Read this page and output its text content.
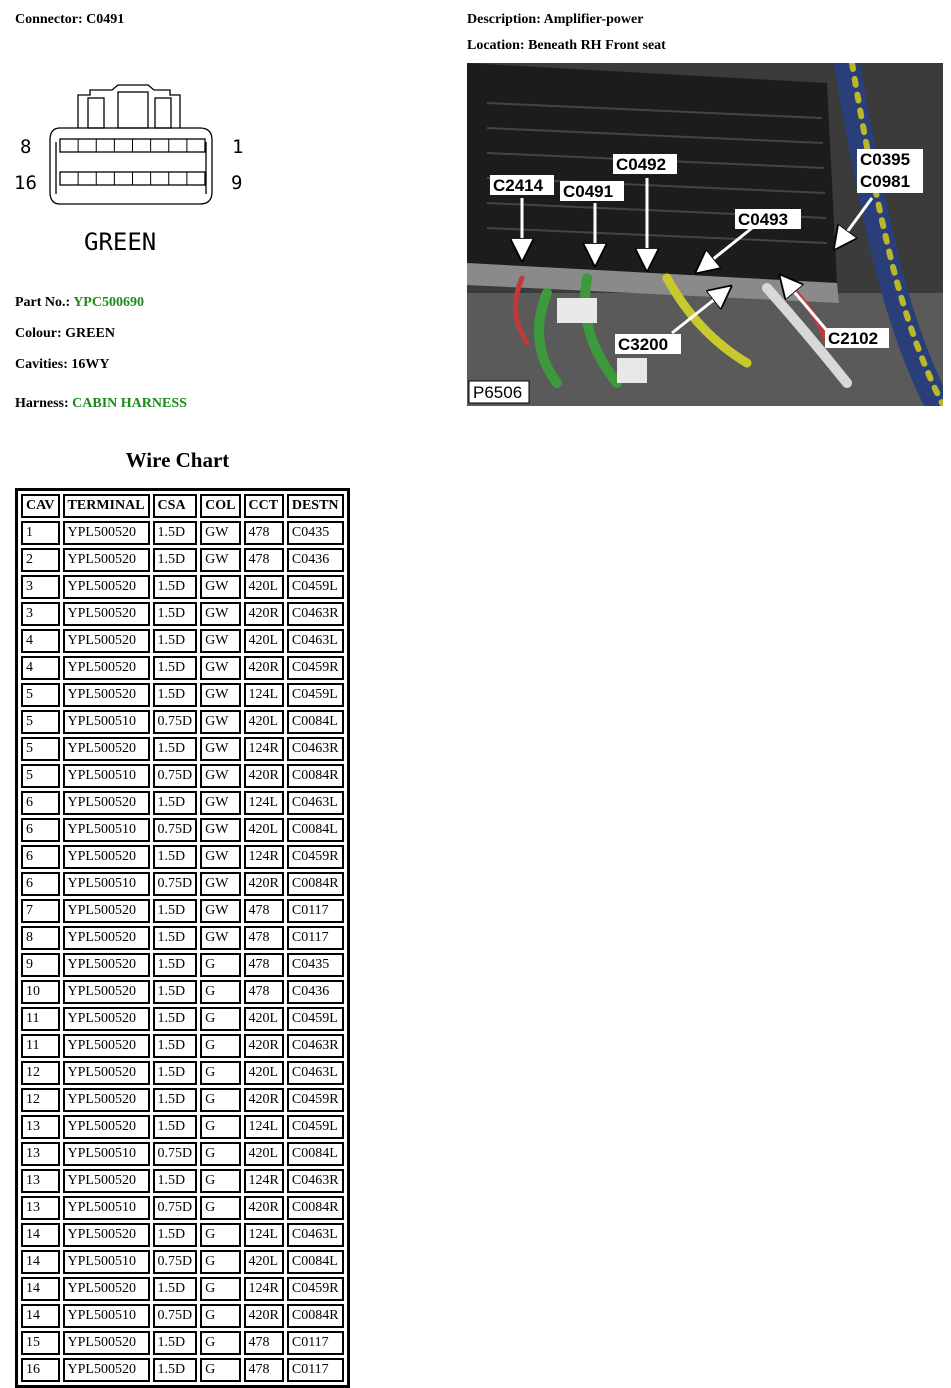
Connector: C0491	Description: Amplifier-power
Location: Beneath RH Front seat
8	1
16	9
GREEN
Part No.: YPC500690
Colour: GREEN
Cavities: 16WY
Harness: CABIN HARNESS
C2414 C0491
C0492
C0493
C0395
C0981
C3200	C2102
P6506
Wire Chart
CAV	TERMINAL	CSA	COL	CCT	DESTN
1	YPL500520	1.5D	GW	478	C0435
2	YPL500520	1.5D	GW	478	C0436
3	YPL500520	1.5D	GW	420L	C0459L
3	YPL500520	1.5D	GW	420R	C0463R
4	YPL500520	1.5D	GW	420L	C0463L
4	YPL500520	1.5D	GW	420R	C0459R
5	YPL500520	1.5D	GW	124L	C0459L
5	YPL500510	0.75D	GW	420L	C0084L
5	YPL500520	1.5D	GW	124R	C0463R
5	YPL500510	0.75D	GW	420R	C0084R
6	YPL500520	1.5D	GW	124L	C0463L
6	YPL500510	0.75D	GW	420L	C0084L
6	YPL500520	1.5D	GW	124R	C0459R
6	YPL500510	0.75D	GW	420R	C0084R
7	YPL500520	1.5D	GW	478	C0117
8	YPL500520	1.5D	GW	478	C0117
9	YPL500520	1.5D	G	478	C0435
10	YPL500520	1.5D	G	478	C0436
11	YPL500520	1.5D	G	420L	C0459L
11	YPL500520	1.5D	G	420R	C0463R
12	YPL500520	1.5D	G	420L	C0463L
12	YPL500520	1.5D	G	420R	C0459R
13	YPL500520	1.5D	G	124L	C0459L
13	YPL500510	0.75D	G	420L	C0084L
13	YPL500520	1.5D	G	124R	C0463R
13	YPL500510	0.75D	G	420R	C0084R
14	YPL500520	1.5D	G	124L	C0463L
14	YPL500510	0.75D	G	420L	C0084L
14	YPL500520	1.5D	G	124R	C0459R
14	YPL500510	0.75D	G	420R	C0084R
15	YPL500520	1.5D	G	478	C0117
16	YPL500520	1.5D	G	478	C0117
